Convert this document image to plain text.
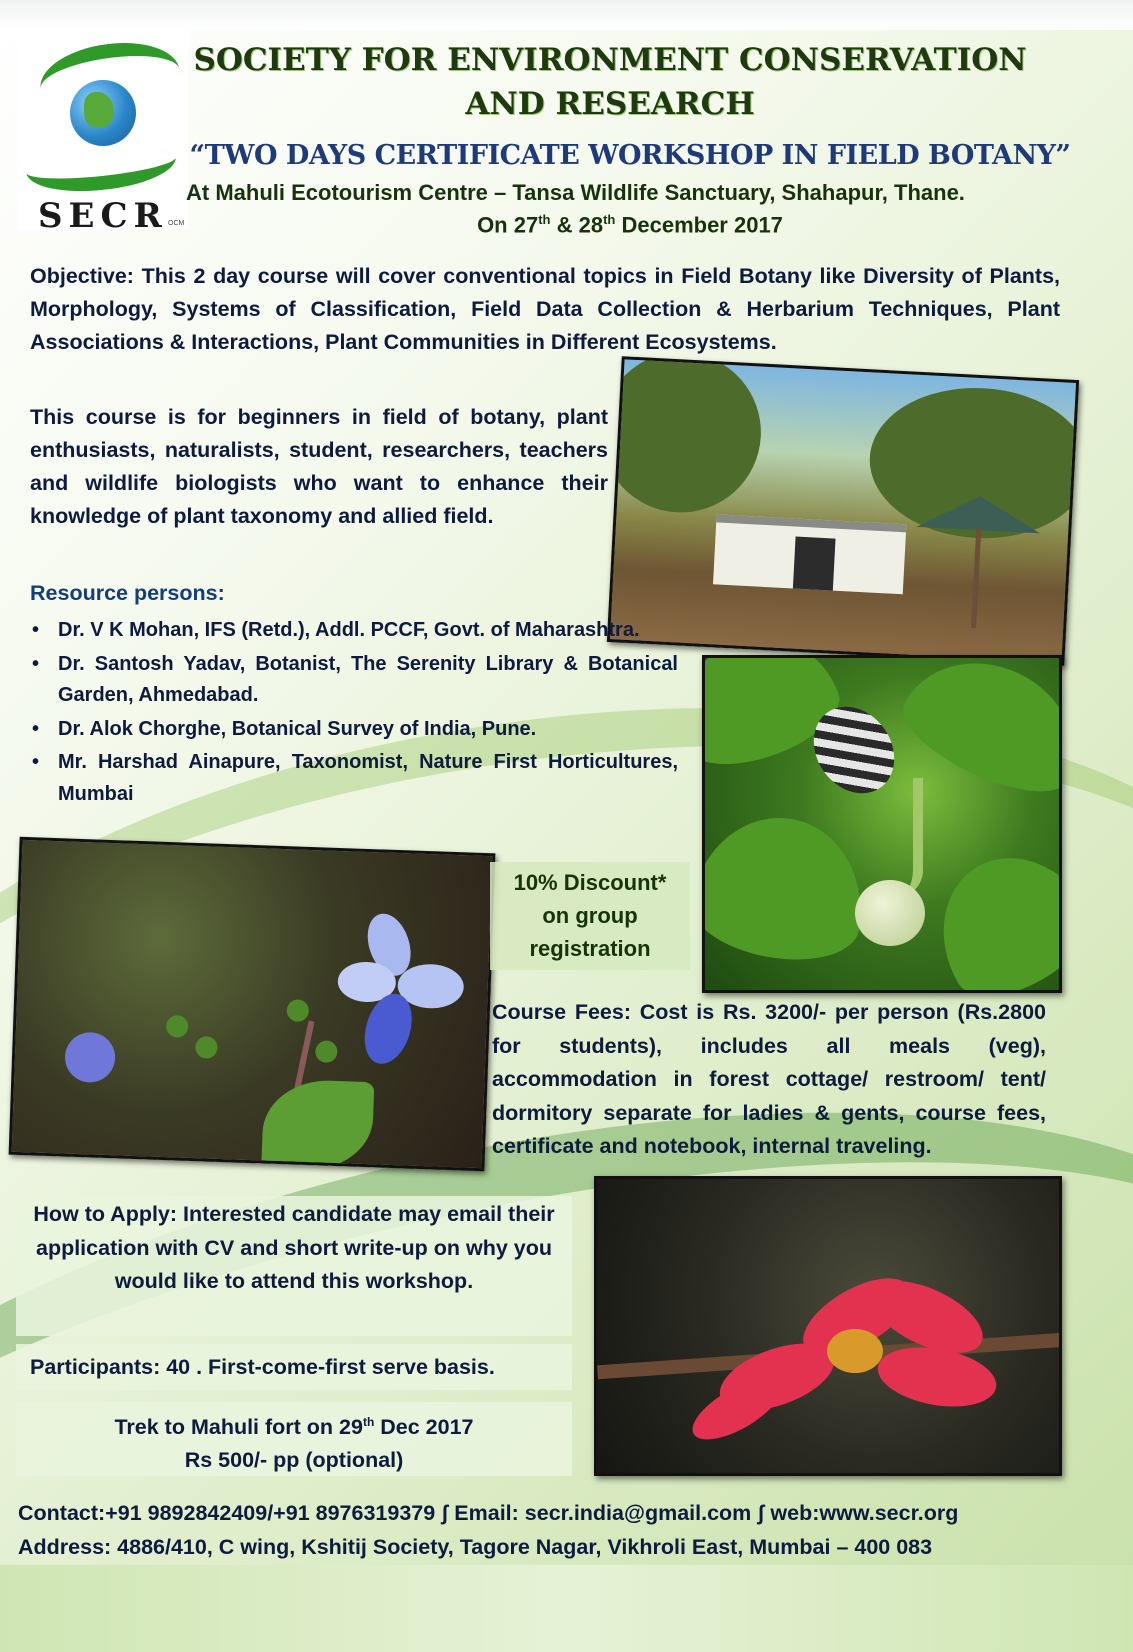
SECR OCM
SOCIETY FOR ENVIRONMENT CONSERVATION
AND RESEARCH
“TWO DAYS CERTIFICATE WORKSHOP IN FIELD BOTANY”
At Mahuli Ecotourism Centre – Tansa Wildlife Sanctuary, Shahapur, Thane.
On 27th & 28th December 2017
Objective: This 2 day course will cover conventional topics in Field Botany like Diversity of Plants, Morphology, Systems of Classification, Field Data Collection & Herbarium Techniques, Plant Associations & Interactions, Plant Communities in Different Ecosystems.
This course is for beginners in field of botany, plant enthusiasts, naturalists, student, researchers, teachers and wildlife biologists who want to enhance their knowledge of plant taxonomy and allied field.
Resource persons:
• Dr. V K Mohan, IFS (Retd.), Addl. PCCF, Govt. of Maharashtra.
• Dr. Santosh Yadav, Botanist, The Serenity Library & Botanical Garden, Ahmedabad.
• Dr. Alok Chorghe, Botanical Survey of India, Pune.
• Mr. Harshad Ainapure, Taxonomist, Nature First Horticultures, Mumbai
10% Discount*
on group
registration
Course Fees: Cost is Rs. 3200/- per person (Rs.2800 for students), includes all meals (veg), accommodation in forest cottage/ restroom/ tent/ dormitory separate for ladies & gents, course fees, certificate and notebook, internal traveling.
How to Apply: Interested candidate may email their application with CV and short write-up on why you would like to attend this workshop.
Participants: 40 . First-come-first serve basis.
Trek to Mahuli fort on 29th Dec 2017
Rs 500/- pp (optional)
Contact:+91 9892842409/+91 8976319379 ʃ Email: secr.india@gmail.com ʃ web:www.secr.org
Address: 4886/410, C wing, Kshitij Society, Tagore Nagar, Vikhroli East, Mumbai – 400 083
